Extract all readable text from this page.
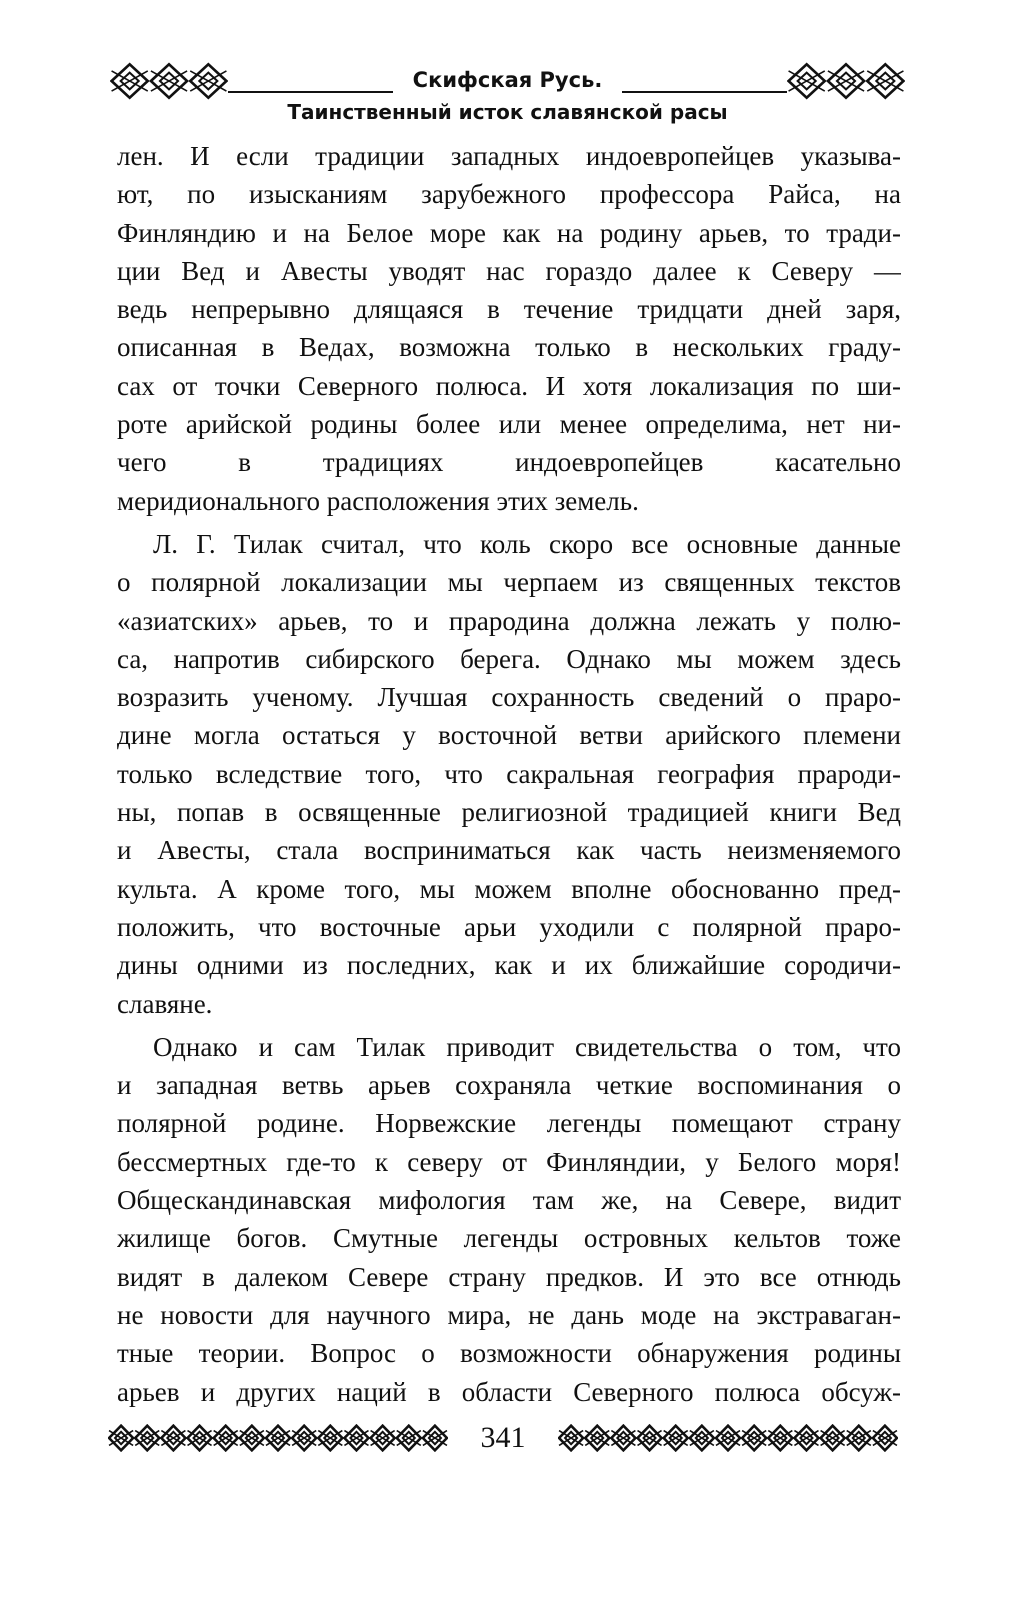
Скифская Русь.
Таинственный исток славянской расы
лен. И если традиции западных индоевропейцев указыва-
ют, по изысканиям зарубежного профессора Райса, на
Финляндию и на Белое море как на родину арьев, то тради-
ции Вед и Авесты уводят нас гораздо далее к Северу —
ведь непрерывно длящаяся в течение тридцати дней заря,
описанная в Ведах, возможна только в нескольких граду-
сах от точки Северного полюса. И хотя локализация по ши-
роте арийской родины более или менее определима, нет ни-
чего в традициях индоевропейцев касательно
меридионального расположения этих земель.
Л. Г. Тилак считал, что коль скоро все основные данные
о полярной локализации мы черпаем из священных текстов
«азиатских» арьев, то и прародина должна лежать у полю-
са, напротив сибирского берега. Однако мы можем здесь
возразить ученому. Лучшая сохранность сведений о прaро-
дине могла остаться у восточной ветви арийского племени
только вследствие того, что сакральная география прароди-
ны, попав в освященные религиозной традицией книги Вед
и Авесты, стала восприниматься как часть неизменяемого
культа. А кроме того, мы можем вполне обоснованно пред-
положить, что восточные арьи уходили с полярной праро-
дины одними из последних, как и их ближайшие сородичи-
славяне.
Однако и сам Тилак приводит свидетельства о том, что
и западная ветвь арьев сохраняла четкие воспоминания о
полярной родине. Норвежские легенды помещают страну
бессмертных где-то к северу от Финляндии, у Белого моря!
Общескандинавская мифология там же, на Севере, видит
жилище богов. Смутные легенды островных кельтов тоже
видят в далеком Севере страну предков. И это все отнюдь
не новости для научного мира, не дань моде на экстраваган-
тные теории. Вопрос о возможности обнаружения родины
арьев и других наций в области Северного полюса обсуж-
341
